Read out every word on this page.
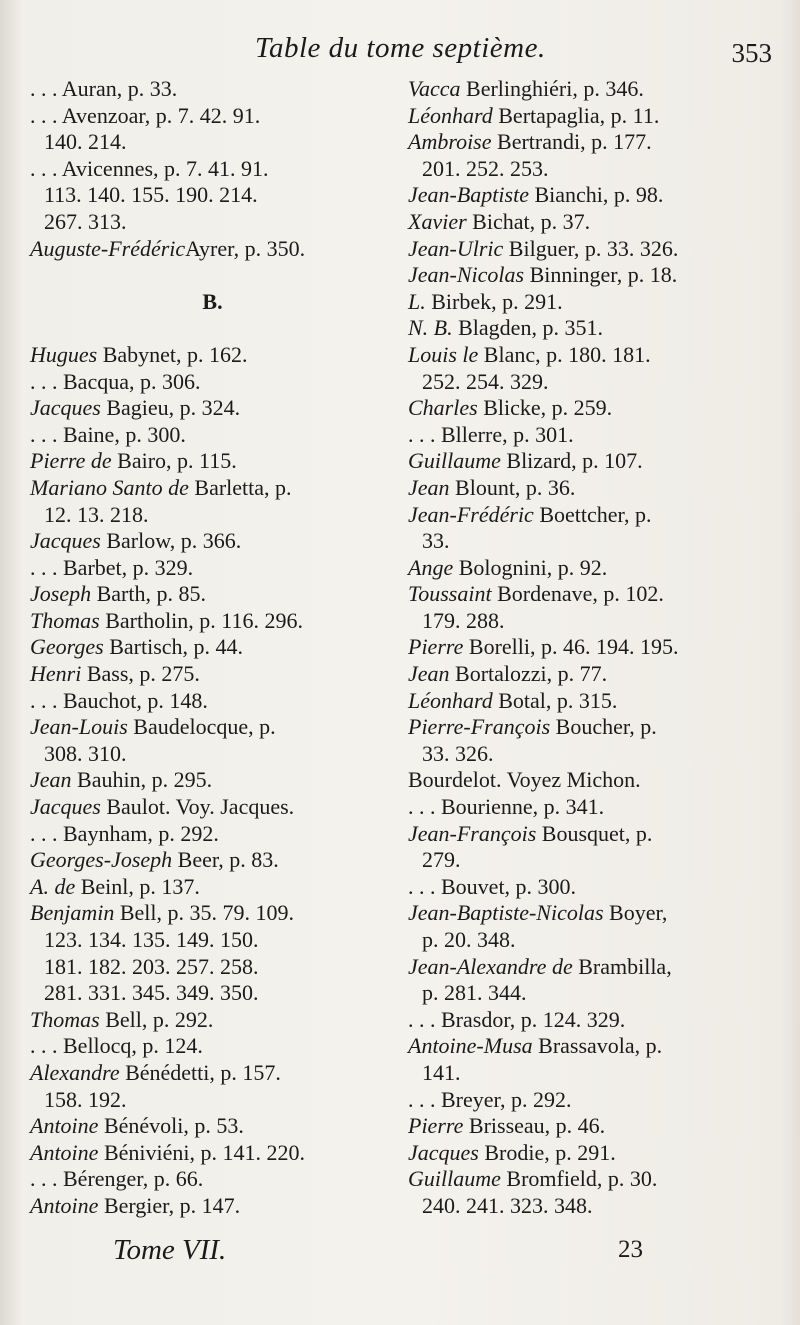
Table du tome septième.	353
. . . Auran, p. 33.
. . . Avenzoar, p. 7. 42. 91.
140. 214.
. . . Avicennes, p. 7. 41. 91.
113. 140. 155. 190. 214.
267. 313.
Auguste-FrédéricAyrer, p. 350.
B.
Hugues Babynet, p. 162.
. . . Bacqua, p. 306.
Jacques Bagieu, p. 324.
. . . Baine, p. 300.
Pierre de Bairo, p. 115.
Mariano Santo de Barletta, p.
12. 13. 218.
Jacques Barlow, p. 366.
. . . Barbet, p. 329.
Joseph Barth, p. 85.
Thomas Bartholin, p. 116. 296.
Georges Bartisch, p. 44.
Henri Bass, p. 275.
. . . Bauchot, p. 148.
Jean-Louis Baudelocque, p.
308. 310.
Jean Bauhin, p. 295.
Jacques Baulot. Voy. Jacques.
. . . Baynham, p. 292.
Georges-Joseph Beer, p. 83.
A. de Beinl, p. 137.
Benjamin Bell, p. 35. 79. 109.
123. 134. 135. 149. 150.
181. 182. 203. 257. 258.
281. 331. 345. 349. 350.
Thomas Bell, p. 292.
. . . Bellocq, p. 124.
Alexandre Bénédetti, p. 157.
158. 192.
Antoine Bénévoli, p. 53.
Antoine Béniviéni, p. 141. 220.
. . . Bérenger, p. 66.
Antoine Bergier, p. 147.
Vacca Berlinghiéri, p. 346.
Léonhard Bertapaglia, p. 11.
Ambroise Bertrandi, p. 177.
201. 252. 253.
Jean-Baptiste Bianchi, p. 98.
Xavier Bichat, p. 37.
Jean-Ulric Bilguer, p. 33. 326.
Jean-Nicolas Binninger, p. 18.
L. Birbek, p. 291.
N. B. Blagden, p. 351.
Louis le Blanc, p. 180. 181.
252. 254. 329.
Charles Blicke, p. 259.
. . . Bllerre, p. 301.
Guillaume Blizard, p. 107.
Jean Blount, p. 36.
Jean-Frédéric Boettcher, p.
33.
Ange Bolognini, p. 92.
Toussaint Bordenave, p. 102.
179. 288.
Pierre Borelli, p. 46. 194. 195.
Jean Bortalozzi, p. 77.
Léonhard Botal, p. 315.
Pierre-François Boucher, p.
33. 326.
Bourdelot. Voyez Michon.
. . . Bourienne, p. 341.
Jean-François Bousquet, p.
279.
. . . Bouvet, p. 300.
Jean-Baptiste-Nicolas Boyer,
p. 20. 348.
Jean-Alexandre de Brambilla,
p. 281. 344.
. . . Brasdor, p. 124. 329.
Antoine-Musa Brassavola, p.
141.
. . . Breyer, p. 292.
Pierre Brisseau, p. 46.
Jacques Brodie, p. 291.
Guillaume Bromfield, p. 30.
240. 241. 323. 348.
Tome VII.	23
